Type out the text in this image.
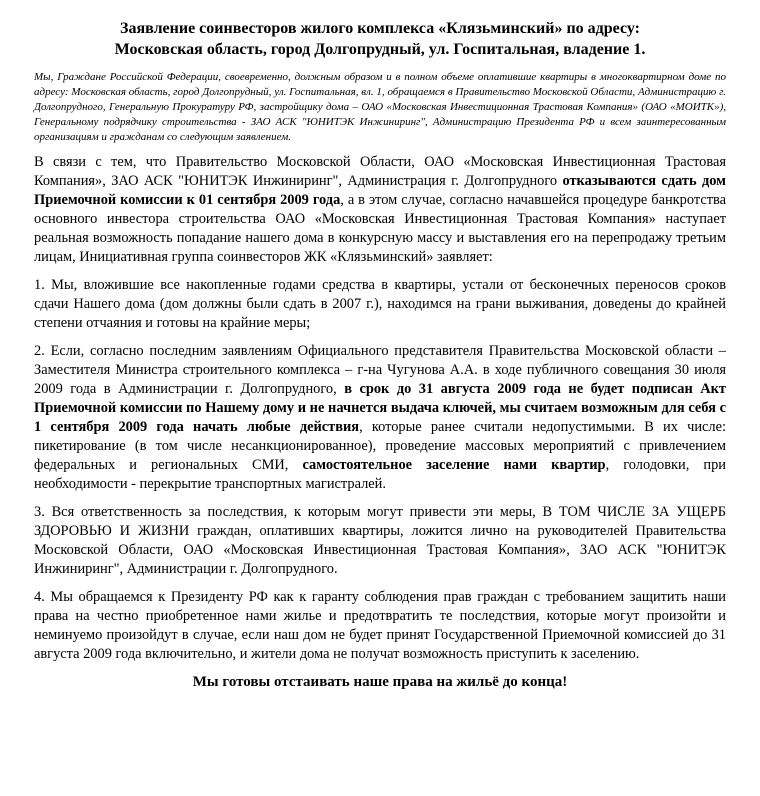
Заявление соинвесторов жилого комплекса «Клязьминский» по адресу:
Московская область, город Долгопрудный, ул. Госпитальная, владение 1.

Мы, Граждане Российской Федерации, своевременно, должным образом и в полном объеме оплатившие квартиры в многоквартирном доме по адресу: Московская область, город Долгопрудный, ул. Госпитальная, вл. 1, обращаемся в Правительство Московской Области, Администрацию г. Долгопрудного, Генеральную Прокуратуру РФ, застройщику дома – ОАО «Московская Инвестиционная Трастовая Компания» (ОАО «МОИТК»), Генеральному подрядчику строительства - ЗАО АСК "ЮНИТЭК Инжиниринг", Администрацию Президента РФ и всем заинтересованным организациям и гражданам со следующим заявлением.

В связи с тем, что Правительство Московской Области, ОАО «Московская Инвестиционная Трастовая Компания», ЗАО АСК "ЮНИТЭК Инжиниринг", Администрация г. Долгопрудного отказываются сдать дом Приемочной комиссии к 01 сентября 2009 года, а в этом случае, согласно начавшейся процедуре банкротства основного инвестора строительства ОАО «Московская Инвестиционная Трастовая Компания» наступает реальная возможность попадание нашего дома в конкурсную массу и выставления его на перепродажу третьим лицам, Инициативная группа соинвесторов ЖК «Клязьминский» заявляет:

1. Мы, вложившие все накопленные годами средства в квартиры, устали от бесконечных переносов сроков сдачи Нашего дома (дом должны были сдать в 2007 г.), находимся на грани выживания, доведены до крайней степени отчаяния и готовы на крайние меры;

2. Если, согласно последним заявлениям Официального представителя Правительства Московской области – Заместителя Министра строительного комплекса – г-на Чугунова А.А. в ходе публичного совещания 30 июля 2009 года в Администрации г. Долгопрудного, в срок до 31 августа 2009 года не будет подписан Акт Приемочной комиссии по Нашему дому и не начнется выдача ключей, мы считаем возможным для себя с 1 сентября 2009 года начать любые действия, которые ранее считали недопустимыми. В их числе: пикетирование (в том числе несанкционированное), проведение массовых мероприятий с привлечением федеральных и региональных СМИ, самостоятельное заселение нами квартир, голодовки, при необходимости - перекрытие транспортных магистралей.

3. Вся ответственность за последствия, к которым могут привести эти меры, В ТОМ ЧИСЛЕ ЗА УЩЕРБ ЗДОРОВЬЮ И ЖИЗНИ граждан, оплативших квартиры, ложится лично на руководителей Правительства Московской Области, ОАО «Московская Инвестиционная Трастовая Компания», ЗАО АСК "ЮНИТЭК Инжиниринг", Администрации г. Долгопрудного.

4. Мы обращаемся к Президенту РФ как к гаранту соблюдения прав граждан с требованием защитить наши права на честно приобретенное нами жилье и предотвратить те последствия, которые могут произойти и неминуемо произойдут в случае, если наш дом не будет принят Государственной Приемочной комиссией до 31 августа 2009 года включительно, и жители дома не получат возможность приступить к заселению.

Мы готовы отстаивать наше права на жильё до конца!
